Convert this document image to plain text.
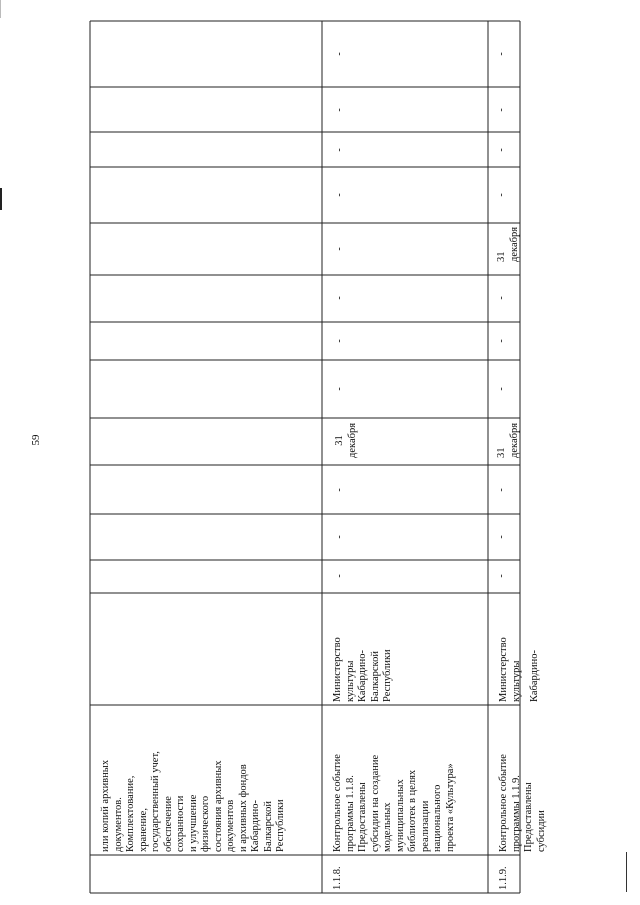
59
или копий архивных документов. Комплектование, хранение, государственный учет, обеспечение сохранности и улучшение физического состояния архивных документов и архивных фондов Кабардино- Балкарской Республики
1.1.8.
Контрольное событие программы 1.1.8. Предоставлены субсидии на создание модельных муниципальных библиотек в целях реализации национального проекта «Культура»
Министерство культуры Кабардино- Балкарской Республики
31 декабря
1.1.9.
Контрольное событие программы 1.1.9. Предоставлены субсидии
Министерство культуры Кабардино-
31 декабря
31 декабря
-
-
-
-
-
-
-
-
-
-
-
-
-
-
-
-
-
-
-
-
-
